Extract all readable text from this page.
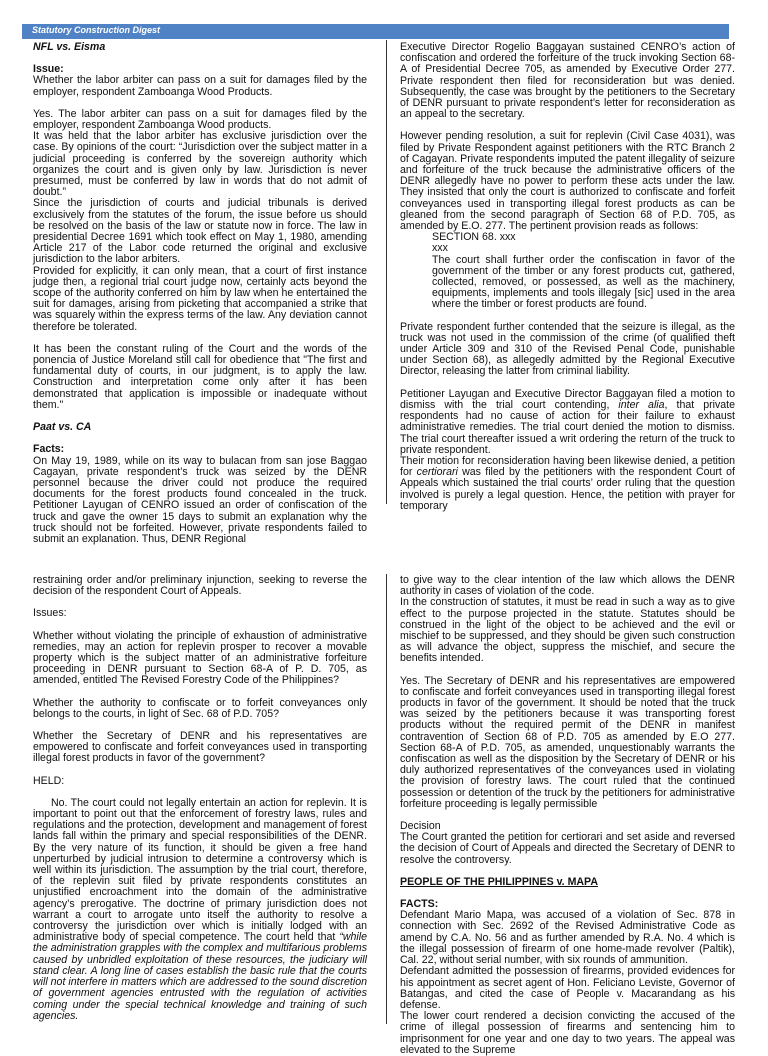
Statutory Construction Digest

NFL vs. Eisma

Issue:

Whether the labor arbiter can pass on a suit for damages filed by the employer, respondent Zamboanga Wood Products.

Yes. The labor arbiter can pass on a suit for damages filed by the employer, respondent Zamboanga Wood products.

It was held that the labor arbiter has exclusive jurisdiction over the case. By opinions of the court: “Jurisdiction over the subject matter in a judicial proceeding is conferred by the sovereign authority which organizes the court and is given only by law. Jurisdiction is never presumed, must be conferred by law in words that do not admit of doubt.”

Since the jurisdiction of courts and judicial tribunals is derived exclusively from the statutes of the forum, the issue before us should be resolved on the basis of the law or statute now in force. The law in presidential Decree 1691 which took effect on May 1, 1980, amending Article 217 of the Labor code returned the original and exclusive jurisdiction to the labor arbiters.

Provided for explicitly, it can only mean, that a court of first instance judge then, a regional trial court judge now, certainly acts beyond the scope of the authority conferred on him by law when he entertained the suit for damages, arising from picketing that accompanied a strike that was squarely within the express terms of the law. Any deviation cannot therefore be tolerated.

It has been the constant ruling of the Court and the words of the ponencia of Justice Moreland still call for obedience that "The first and fundamental duty of courts, in our judgment, is to apply the law. Construction and interpretation come only after it has been demonstrated that application is impossible or inadequate without them."

Paat vs. CA

Facts:

On May 19, 1989, while on its way to bulacan from san jose Baggao Cagayan, private respondent’s truck was seized by the DENR personnel because the driver could not produce the required documents for the forest products found concealed in the truck. Petitioner Layugan of CENRO issued an order of confiscation of the truck and gave the owner 15 days to submit an explanation why the truck should not be forfeited. However, private respondents failed to submit an explanation. Thus, DENR Regional

Executive Director Rogelio Baggayan sustained CENRO’s action of confiscation and ordered the forfeiture of the truck invoking Section 68-A of Presidential Decree 705, as amended by Executive Order 277. Private respondent then filed for reconsideration but was denied. Subsequently, the case was brought by the petitioners to the Secretary of DENR pursuant to private respondent’s letter for reconsideration as an appeal to the secretary.

However pending resolution, a suit for replevin (Civil Case 4031), was filed by Private Respondent against petitioners with the RTC Branch 2 of Cagayan. Private respondents imputed the patent illegality of seizure and forfeiture of the truck because the administrative officers of the DENR allegedly have no power to perform these acts under the law. They insisted that only the court is authorized to confiscate and forfeit conveyances used in transporting illegal forest products as can be gleaned from the second paragraph of Section 68 of P.D. 705, as amended by E.O. 277. The pertinent provision reads as follows:

SECTION 68. xxx

xxx

The court shall further order the confiscation in favor of the government of the timber or any forest products cut, gathered, collected, removed, or possessed, as well as the machinery, equipments, implements and tools illegaly [sic] used in the area where the timber or forest products are found.

Private respondent further contended that the seizure is illegal, as the truck was not used in the commission of the crime (of qualified theft under Article 309 and 310 of the Revised Penal Code, punishable under Section 68), as allegedly admitted by the Regional Executive Director, releasing the latter from criminal liability.

Petitioner Layugan and Executive Director Baggayan filed a motion to dismiss with the trial court contending, inter alia, that private respondents had no cause of action for their failure to exhaust administrative remedies. The trial court denied the motion to dismiss. The trial court thereafter issued a writ ordering the return of the truck to private respondent.

Their motion for reconsideration having been likewise denied, a petition for certiorari was filed by the petitioners with the respondent Court of Appeals which sustained the trial courts’ order ruling that the question involved is purely a legal question. Hence, the petition with prayer for temporary

restraining order and/or preliminary injunction, seeking to reverse the decision of the respondent Court of Appeals.

Issues:

Whether without violating the principle of exhaustion of administrative remedies, may an action for replevin prosper to recover a movable property which is the subject matter of an administrative forfeiture proceeding in DENR pursuant to Section 68-A of P. D. 705, as amended, entitled The Revised Forestry Code of the Philippines?

Whether the authority to confiscate or to forfeit conveyances only belongs to the courts, in light of Sec. 68 of P.D. 705?

Whether the Secretary of DENR and his representatives are empowered to confiscate and forfeit conveyances used in transporting illegal forest products in favor of the government?

HELD:

No. The court could not legally entertain an action for replevin. It is important to point out that the enforcement of forestry laws, rules and regulations and the protection, development and management of forest lands fall within the primary and special responsibilities of the DENR. By the very nature of its function, it should be given a free hand unperturbed by judicial intrusion to determine a controversy which is well within its jurisdiction. The assumption by the trial court, therefore, of the replevin suit filed by private respondents constitutes an unjustified encroachment into the domain of the administrative agency’s prerogative. The doctrine of primary jurisdiction does not warrant a court to arrogate unto itself the authority to resolve a controversy the jurisdiction over which is initially lodged with an administrative body of special competence. The court held that “while the administration grapples with the complex and multifarious problems caused by unbridled exploitation of these resources, the judiciary will stand clear. A long line of cases establish the basic rule that the courts will not interfere in matters which are addressed to the sound discretion of government agencies entrusted with the regulation of activities coming under the special technical knowledge and training of such agencies.

to give way to the clear intention of the law which allows the DENR authority in cases of violation of the code.

In the construction of statutes, it must be read in such a way as to give effect to the purpose projected in the statute. Statutes should be construed in the light of the object to be achieved and the evil or mischief to be suppressed, and they should be given such construction as will advance the object, suppress the mischief, and secure the benefits intended.

Yes. The Secretary of DENR and his representatives are empowered to confiscate and forfeit conveyances used in transporting illegal forest products in favor of the government. It should be noted that the truck was seized by the petitioners because it was transporting forest products without the required permit of the DENR in manifest contravention of Section 68 of P.D. 705 as amended by E.O 277. Section 68-A of P.D. 705, as amended, unquestionably warrants the confiscation as well as the disposition by the Secretary of DENR or his duly authorized representatives of the conveyances used in violating the provision of forestry laws. The court ruled that the continued possession or detention of the truck by the petitioners for administrative forfeiture proceeding is legally permissible

Decision

The Court granted the petition for certiorari and set aside and reversed the decision of Court of Appeals and directed the Secretary of DENR to resolve the controversy.

PEOPLE OF THE PHILIPPINES v. MAPA

FACTS:

Defendant Mario Mapa, was accused of a violation of Sec. 878 in connection with Sec. 2692 of the Revised Administrative Code as amend by C.A. No. 56 and as further amended by R.A. No. 4 which is the illegal possession of firearm of one home-made revolver (Paltik), Cal. 22, without serial number, with six rounds of ammunition.

Defendant admitted the possession of firearms, provided evidences for his appointment as secret agent of Hon. Feliciano Leviste, Governor of Batangas, and cited the case of People v. Macarandang as his defense.

The lower court rendered a decision convicting the accused of the crime of illegal possession of firearms and sentencing him to imprisonment for one year and one day to two years. The appeal was elevated to the Supreme
